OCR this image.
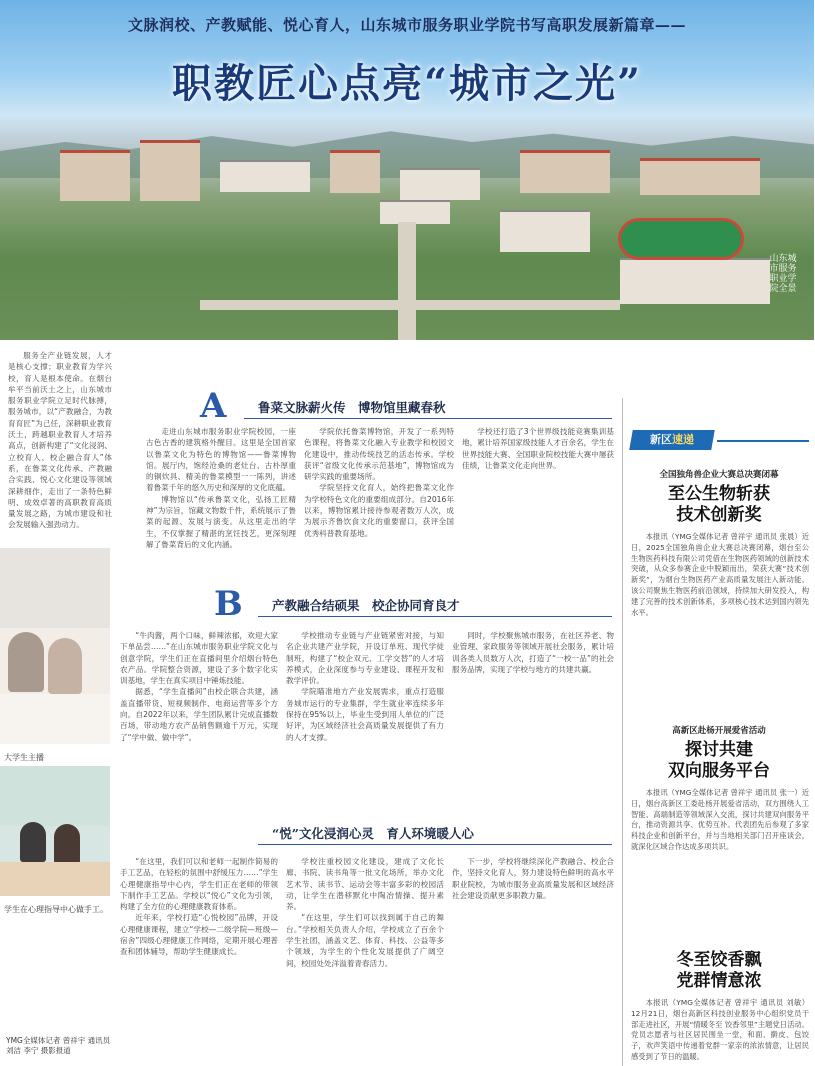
山东城市服务职业学院全景
文脉润校、产教赋能、悦心育人，山东城市服务职业学院书写高职发展新篇章——
职教匠心点亮“城市之光”

服务全产业链发展，人才是核心支撑；职业教育为学兴校，育人是根本使命。在烟台牟平当前沃土之上，山东城市服务职业学院立足时代脉搏，服务城市，以“产教融合，为教育育匠”为己任，深耕职业教育沃土，跨越职业教育人才培养高点，创新构建了“文化浸润、立校育人、校企融合育人”体系，在鲁菜文化传承、产教融合实践、悦心文化建设等领域深耕细作，走出了一条特色鲜明、成效卓著的高职教育高质量发展之路，为城市建设和社会发展输入强劲动力。

大学生主播
学生在心理指导中心做手工。
YMG全媒体记者 曾祥宇 通讯员 刘洁 李宁 摄影报道
A	鲁菜文脉薪火传　博物馆里藏春秋

走进山东城市服务职业学院校园，一座古色古香的建筑格外醒目。这里是全国首家以鲁菜文化为特色的博物馆——鲁菜博物馆。展厅内，饱经沧桑的老灶台、古朴厚重的铜炊具、精美的鲁菜模型一一陈列，讲述着鲁菜千年的悠久历史和深厚的文化底蕴。

博物馆以“传承鲁菜文化，弘扬工匠精神”为宗旨，馆藏文物数千件，系统展示了鲁菜的起源、发展与演变。从这里走出的学生，不仅掌握了精湛的烹饪技艺，更深刻理解了鲁菜背后的文化内涵。

学院依托鲁菜博物馆，开发了一系列特色课程，将鲁菜文化融入专业教学和校园文化建设中，推动传统技艺的活态传承。学校获评“省级文化传承示范基地”，博物馆成为研学实践的重要场所。

学院坚持文化育人，始终把鲁菜文化作为学校特色文化的重要组成部分。自2016年以来，博物馆累计接待参观者数万人次，成为展示齐鲁饮食文化的重要窗口，获评全国优秀科普教育基地。

学校还打造了3个世界级技能竞赛集训基地，累计培养国家级技能人才百余名，学生在世界技能大赛、全国职业院校技能大赛中屡获佳绩，让鲁菜文化走向世界。

B 产教融合结硕果　校企协同育良才

“牛肉酱，两个口味，鲜辣浓郁，欢迎大家下单品尝……”在山东城市服务职业学院文化与创意学院，学生们正在直播间里介绍烟台特色农产品。学院整合资源，建设了多个数字化实训基地，学生在真实项目中锤炼技能。

据悉，“学生直播间”由校企联合共建，涵盖直播带货、短视频制作、电商运营等多个方向。自2022年以来，学生团队累计完成直播数百场，带动地方农产品销售额逾千万元，实现了“学中做、做中学”。

学校推动专业链与产业链紧密对接，与知名企业共建产业学院，开设订单班、现代学徒制班，构建了“校企双元、工学交替”的人才培养模式，企业深度参与专业建设、课程开发和教学评价。

学院瞄准地方产业发展需求，重点打造服务城市运行的专业集群，学生就业率连续多年保持在95%以上，毕业生受到用人单位的广泛好评，为区域经济社会高质量发展提供了有力的人才支撑。

同时，学校聚焦城市服务，在社区养老、物业管理、家政服务等领域开展社会服务，累计培训各类人员数万人次，打造了“一校一品”的社会服务品牌，实现了学校与地方的共建共赢。

“悦”文化浸润心灵　育人环境暖人心

“在这里，我们可以和老师一起制作简易的手工艺品，在轻松的氛围中舒缓压力……”学生心理健康指导中心内，学生们正在老师的带领下制作手工艺品。学校以“悦心”文化为引领，构建了全方位的心理健康教育体系。

近年来，学校打造“心悦校园”品牌，开设心理健康课程，建立“学校—二级学院—班级—宿舍”四级心理健康工作网络，定期开展心理普查和团体辅导，帮助学生健康成长。

学校注重校园文化建设，建成了文化长廊、书院、读书角等一批文化场所，举办文化艺术节、读书节、运动会等丰富多彩的校园活动，让学生在潜移默化中陶冶情操、提升素养。

“在这里，学生们可以找到属于自己的舞台。”学校相关负责人介绍，学校成立了百余个学生社团，涵盖文艺、体育、科技、公益等多个领域，为学生的个性化发展提供了广阔空间，校园处处洋溢着青春活力。

下一步，学校将继续深化产教融合、校企合作，坚持文化育人，努力建设特色鲜明的高水平职业院校，为城市服务业高质量发展和区域经济社会建设贡献更多职教力量。

新区速递
全国独角兽企业大赛总决赛闭幕
至公生物斩获
技术创新奖

本报讯（YMG全媒体记者 曾祥宇 通讯员 张晨）近日，2025全国独角兽企业大赛总决赛闭幕，烟台至公生物医药科技有限公司凭借在生物医药领域的创新技术突破，从众多参赛企业中脱颖而出，荣获大赛“技术创新奖”，为烟台生物医药产业高质量发展注入新动能。该公司聚焦生物医药前沿领域，持续加大研发投入，构建了完善的技术创新体系，多项核心技术达到国内领先水平。

高新区赴杨开展爱省活动
探讨共建
双向服务平台

本报讯（YMG全媒体记者 曾祥宇 通讯员 张一）近日，烟台高新区工委赴杨开展爱省活动，双方围绕人工智能、高端制造等领域深入交流，探讨共建双向服务平台，推动资源共享、优势互补。代表团先后参观了多家科技企业和创新平台，并与当地相关部门召开座谈会，就深化区域合作达成多项共识。

冬至饺香飘
党群情意浓

本报讯（YMG全媒体记者 曾祥宇 通讯员 刘敏）12月21日，烟台高新区科技创业服务中心组织党员干部走进社区，开展“情暖冬至 饺香邻里”主题党日活动。党员志愿者与社区居民围坐一堂，和面、擀皮、包饺子，欢声笑语中传递着党群一家亲的浓浓情意，让居民感受到了节日的温暖。
